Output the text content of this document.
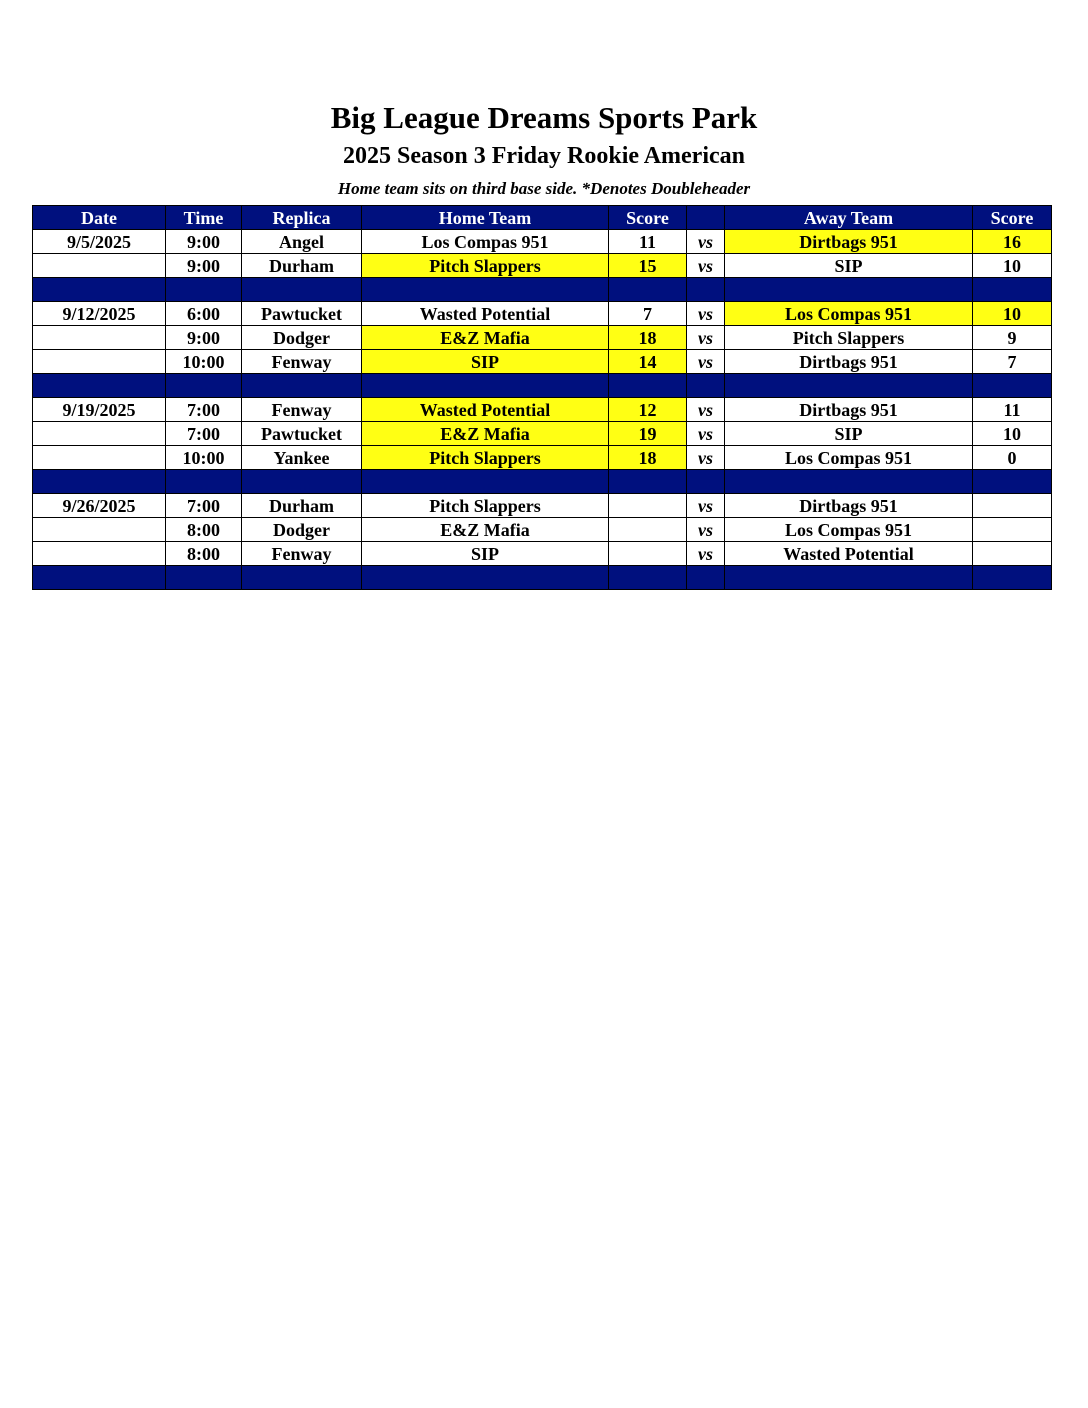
Big League Dreams Sports Park
2025 Season 3 Friday Rookie American
Home team sits on third base side. *Denotes Doubleheader
Date	Time	Replica	Home Team	Score		Away Team	Score
9/5/2025	9:00	Angel	Los Compas 951	11	vs	Dirtbags 951	16
	9:00	Durham	Pitch Slappers	15	vs	SIP	10

9/12/2025	6:00	Pawtucket	Wasted Potential	7	vs	Los Compas 951	10
	9:00	Dodger	E&Z Mafia	18	vs	Pitch Slappers	9
	10:00	Fenway	SIP	14	vs	Dirtbags 951	7

9/19/2025	7:00	Fenway	Wasted Potential	12	vs	Dirtbags 951	11
	7:00	Pawtucket	E&Z Mafia	19	vs	SIP	10
	10:00	Yankee	Pitch Slappers	18	vs	Los Compas 951	0

9/26/2025	7:00	Durham	Pitch Slappers		vs	Dirtbags 951	
	8:00	Dodger	E&Z Mafia		vs	Los Compas 951	
	8:00	Fenway	SIP		vs	Wasted Potential	
